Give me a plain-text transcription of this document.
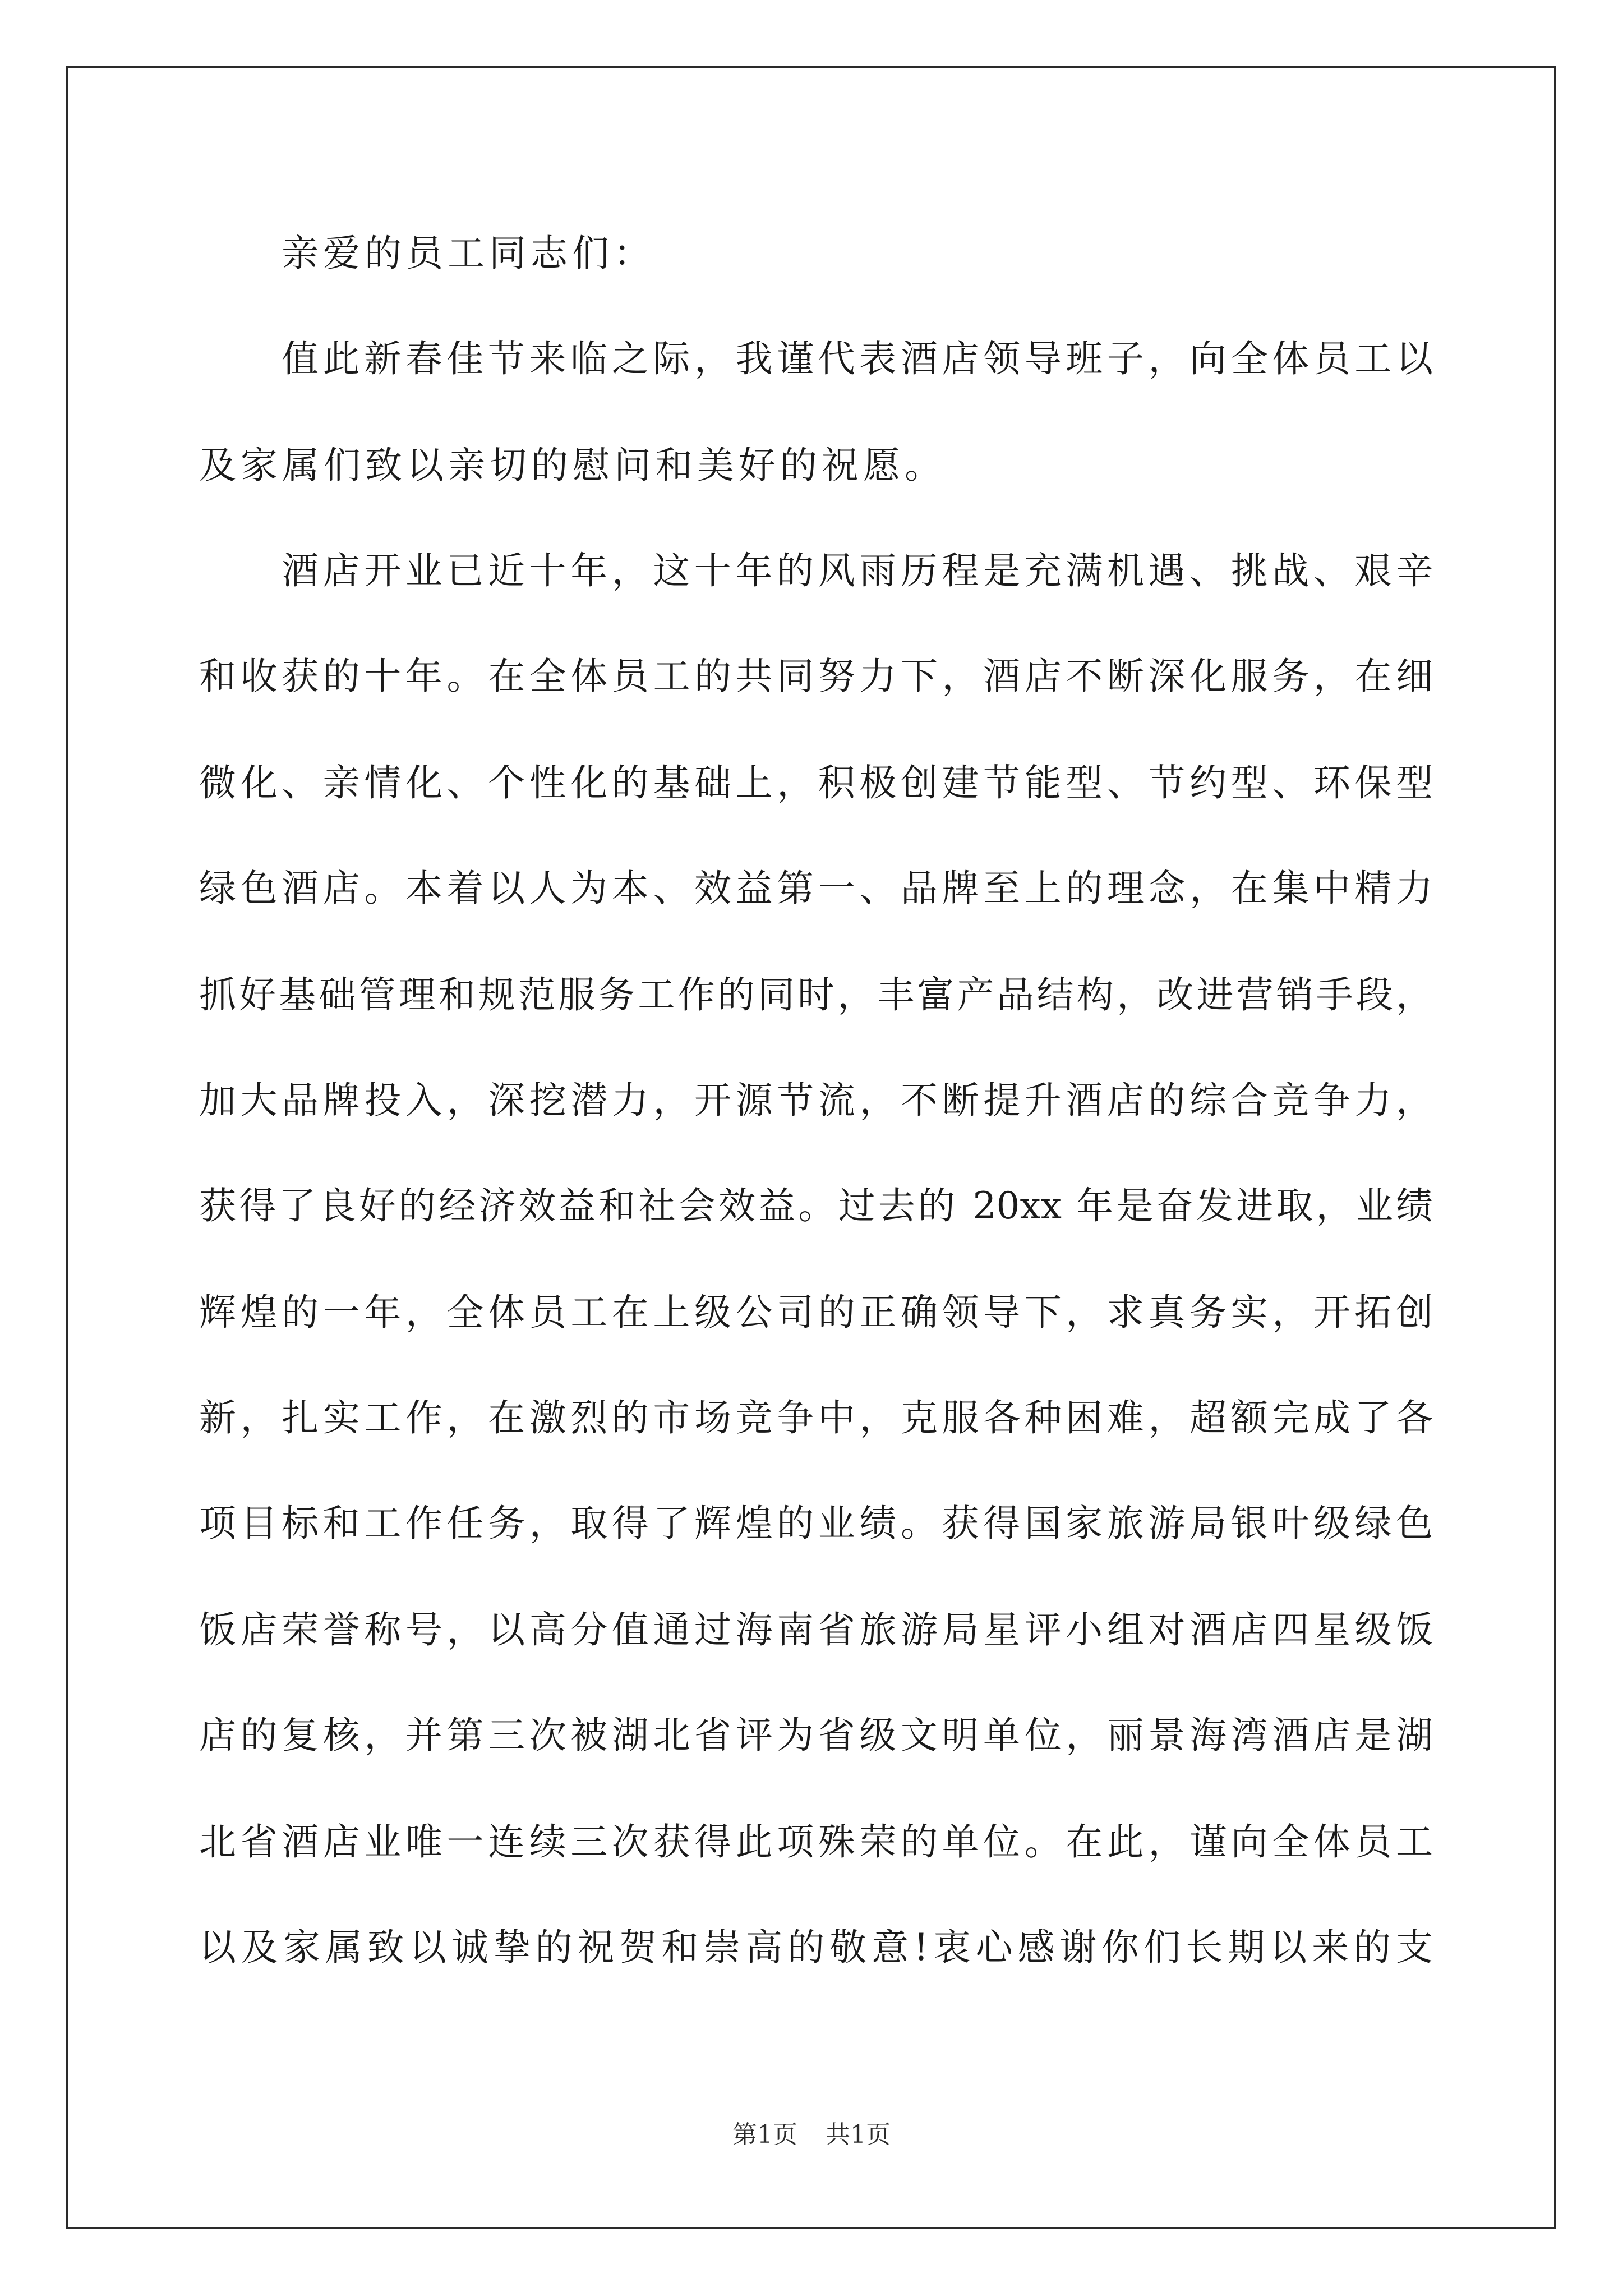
亲爱的员工同志们：
值此新春佳节来临之际，我谨代表酒店领导班子，向全体员工以
及家属们致以亲切的慰问和美好的祝愿。
酒店开业已近十年，这十年的风雨历程是充满机遇、挑战、艰辛
和收获的十年。在全体员工的共同努力下，酒店不断深化服务，在细
微化、亲情化、个性化的基础上，积极创建节能型、节约型、环保型
绿色酒店。本着以人为本、效益第一、品牌至上的理念，在集中精力
抓好基础管理和规范服务工作的同时，丰富产品结构，改进营销手段，
加大品牌投入，深挖潜力，开源节流，不断提升酒店的综合竞争力，
获得了良好的经济效益和社会效益。过去的 20xx 年是奋发进取，业绩
辉煌的一年，全体员工在上级公司的正确领导下，求真务实，开拓创
新，扎实工作，在激烈的市场竞争中，克服各种困难，超额完成了各
项目标和工作任务，取得了辉煌的业绩。获得国家旅游局银叶级绿色
饭店荣誉称号，以高分值通过海南省旅游局星评小组对酒店四星级饭
店的复核，并第三次被湖北省评为省级文明单位，丽景海湾酒店是湖
北省酒店业唯一连续三次获得此项殊荣的单位。在此，谨向全体员工
以及家属致以诚挚的祝贺和崇高的敬意!衷心感谢你们长期以来的支
第1页 共1页
